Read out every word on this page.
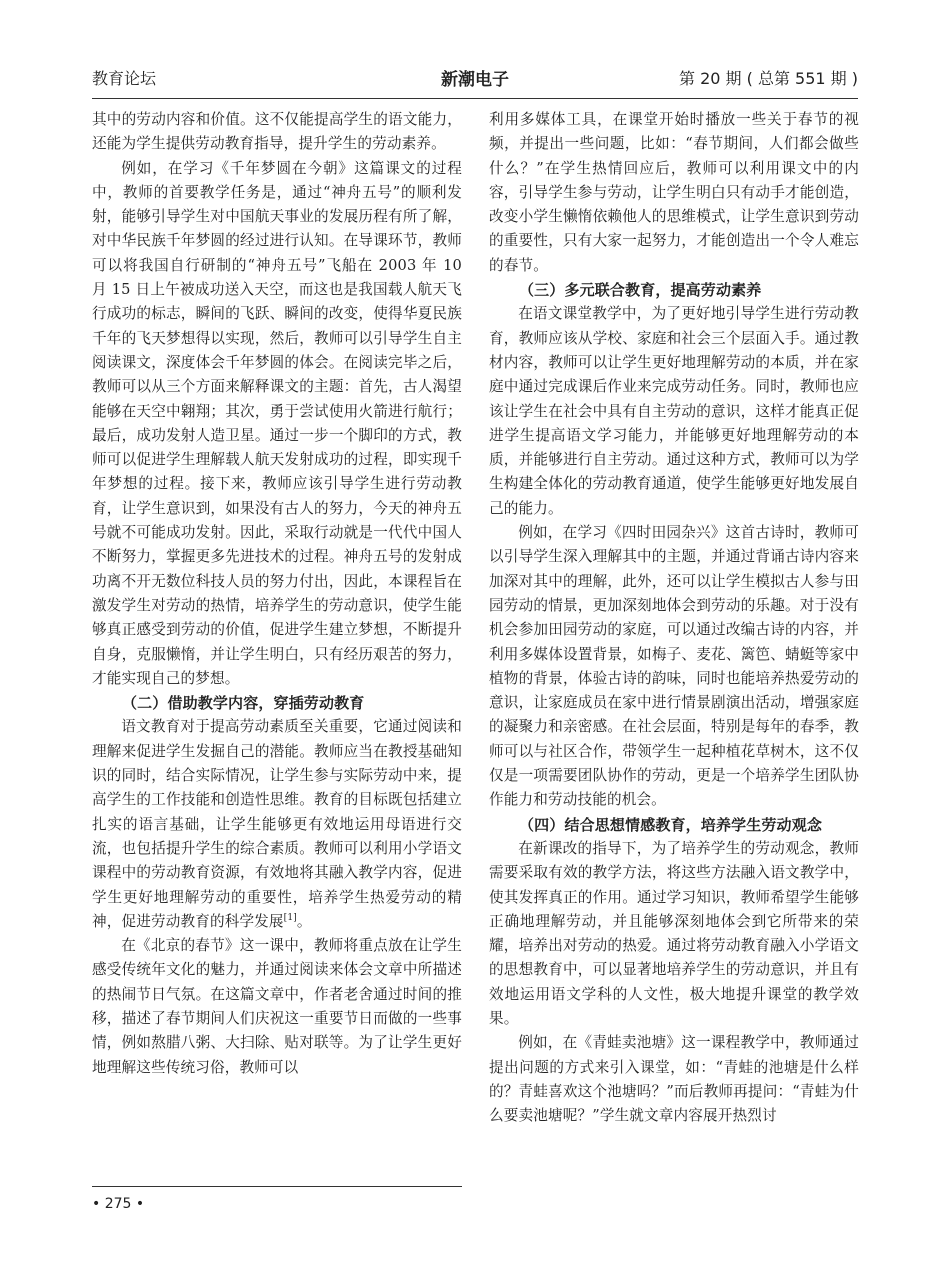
教育论坛	新潮电子	第 20 期 ( 总第 551 期 )

其中的劳动内容和价值。这不仅能提高学生的语文能力，还能为学生提供劳动教育指导，提升学生的劳动素养。

例如，在学习《千年梦圆在今朝》这篇课文的过程中，教师的首要教学任务是，通过“神舟五号”的顺利发射，能够引导学生对中国航天事业的发展历程有所了解，对中华民族千年梦圆的经过进行认知。在导课环节，教师可以将我国自行研制的“神舟五号”飞船在 2003 年 10 月 15 日上午被成功送入天空，而这也是我国载人航天飞行成功的标志，瞬间的飞跃、瞬间的改变，使得华夏民族千年的飞天梦想得以实现，然后，教师可以引导学生自主阅读课文，深度体会千年梦圆的体会。在阅读完毕之后，教师可以从三个方面来解释课文的主题：首先，古人渴望能够在天空中翱翔；其次，勇于尝试使用火箭进行航行；最后，成功发射人造卫星。通过一步一个脚印的方式，教师可以促进学生理解载人航天发射成功的过程，即实现千年梦想的过程。接下来，教师应该引导学生进行劳动教育，让学生意识到，如果没有古人的努力，今天的神舟五号就不可能成功发射。因此，采取行动就是一代代中国人不断努力，掌握更多先进技术的过程。神舟五号的发射成功离不开无数位科技人员的努力付出，因此，本课程旨在激发学生对劳动的热情，培养学生的劳动意识，使学生能够真正感受到劳动的价值，促进学生建立梦想，不断提升自身，克服懒惰，并让学生明白，只有经历艰苦的努力，才能实现自己的梦想。

（二）借助教学内容，穿插劳动教育

语文教育对于提高劳动素质至关重要，它通过阅读和理解来促进学生发掘自己的潜能。教师应当在教授基础知识的同时，结合实际情况，让学生参与实际劳动中来，提高学生的工作技能和创造性思维。教育的目标既包括建立扎实的语言基础，让学生能够更有效地运用母语进行交流，也包括提升学生的综合素质。教师可以利用小学语文课程中的劳动教育资源，有效地将其融入教学内容，促进学生更好地理解劳动的重要性，培养学生热爱劳动的精神，促进劳动教育的科学发展[1]。

在《北京的春节》这一课中，教师将重点放在让学生感受传统年文化的魅力，并通过阅读来体会文章中所描述的热闹节日气氛。在这篇文章中，作者老舍通过时间的推移，描述了春节期间人们庆祝这一重要节日而做的一些事情，例如熬腊八粥、大扫除、贴对联等。为了让学生更好地理解这些传统习俗，教师可以

利用多媒体工具，在课堂开始时播放一些关于春节的视频，并提出一些问题，比如：“春节期间，人们都会做些什么？”在学生热情回应后，教师可以利用课文中的内容，引导学生参与劳动，让学生明白只有动手才能创造，改变小学生懒惰依赖他人的思维模式，让学生意识到劳动的重要性，只有大家一起努力，才能创造出一个令人难忘的春节。

（三）多元联合教育，提高劳动素养

在语文课堂教学中，为了更好地引导学生进行劳动教育，教师应该从学校、家庭和社会三个层面入手。通过教材内容，教师可以让学生更好地理解劳动的本质，并在家庭中通过完成课后作业来完成劳动任务。同时，教师也应该让学生在社会中具有自主劳动的意识，这样才能真正促进学生提高语文学习能力，并能够更好地理解劳动的本质，并能够进行自主劳动。通过这种方式，教师可以为学生构建全体化的劳动教育通道，使学生能够更好地发展自己的能力。

例如，在学习《四时田园杂兴》这首古诗时，教师可以引导学生深入理解其中的主题，并通过背诵古诗内容来加深对其中的理解，此外，还可以让学生模拟古人参与田园劳动的情景，更加深刻地体会到劳动的乐趣。对于没有机会参加田园劳动的家庭，可以通过改编古诗的内容，并利用多媒体设置背景，如梅子、麦花、篱笆、蜻蜓等家中植物的背景，体验古诗的韵味，同时也能培养热爱劳动的意识，让家庭成员在家中进行情景剧演出活动，增强家庭的凝聚力和亲密感。在社会层面，特别是每年的春季，教师可以与社区合作，带领学生一起种植花草树木，这不仅仅是一项需要团队协作的劳动，更是一个培养学生团队协作能力和劳动技能的机会。

（四）结合思想情感教育，培养学生劳动观念

在新课改的指导下，为了培养学生的劳动观念，教师需要采取有效的教学方法，将这些方法融入语文教学中，使其发挥真正的作用。通过学习知识，教师希望学生能够正确地理解劳动，并且能够深刻地体会到它所带来的荣耀，培养出对劳动的热爱。通过将劳动教育融入小学语文的思想教育中，可以显著地培养学生的劳动意识，并且有效地运用语文学科的人文性，极大地提升课堂的教学效果。

例如，在《青蛙卖池塘》这一课程教学中，教师通过提出问题的方式来引入课堂，如：“青蛙的池塘是什么样的？青蛙喜欢这个池塘吗？”而后教师再提问：“青蛙为什么要卖池塘呢？”学生就文章内容展开热烈讨

• 275 •
